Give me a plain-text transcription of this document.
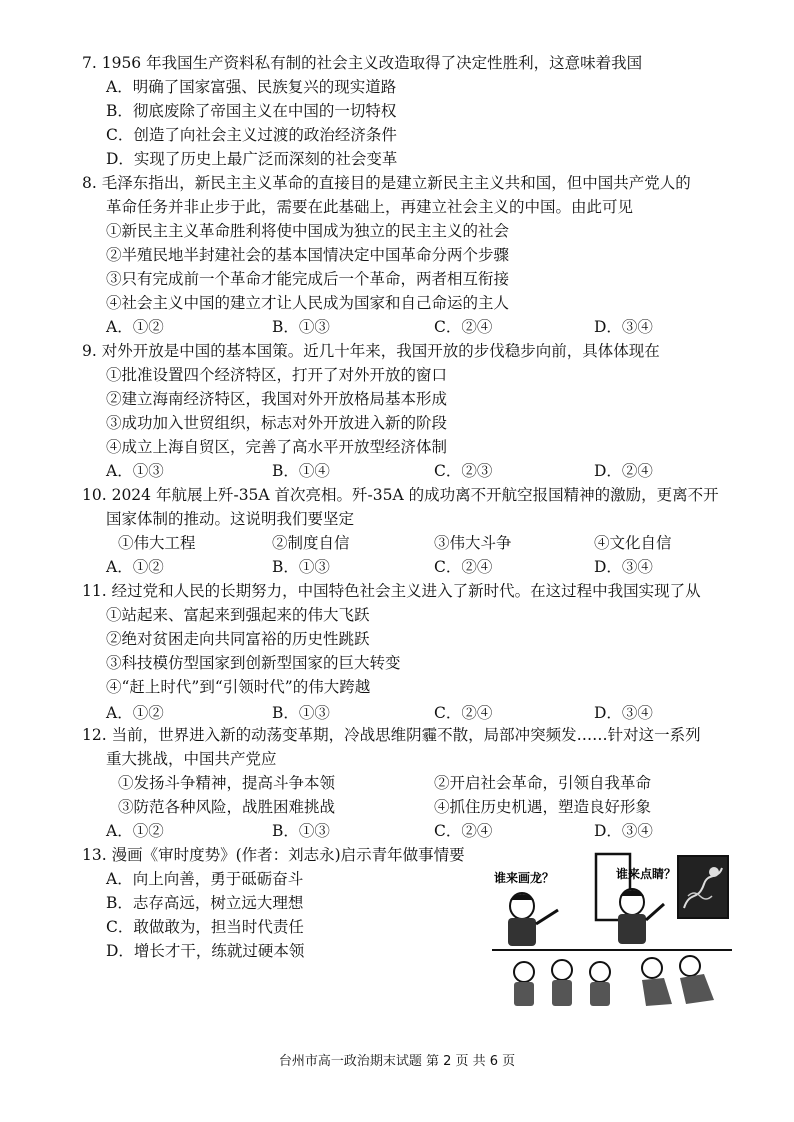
7. 1956 年我国生产资料私有制的社会主义改造取得了决定性胜利，这意味着我国
A．明确了国家富强、民族复兴的现实道路
B．彻底废除了帝国主义在中国的一切特权
C．创造了向社会主义过渡的政治经济条件
D．实现了历史上最广泛而深刻的社会变革
8. 毛泽东指出，新民主主义革命的直接目的是建立新民主主义共和国，但中国共产党人的
革命任务并非止步于此，需要在此基础上，再建立社会主义的中国。由此可见
①新民主主义革命胜利将使中国成为独立的民主主义的社会
②半殖民地半封建社会的基本国情决定中国革命分两个步骤
③只有完成前一个革命才能完成后一个革命，两者相互衔接
④社会主义中国的建立才让人民成为国家和自己命运的主人
A．①②	B．①③	C．②④	D．③④
9. 对外开放是中国的基本国策。近几十年来，我国开放的步伐稳步向前，具体体现在
①批准设置四个经济特区，打开了对外开放的窗口
②建立海南经济特区，我国对外开放格局基本形成
③成功加入世贸组织，标志对外开放进入新的阶段
④成立上海自贸区，完善了高水平开放型经济体制
A．①③	B．①④	C．②③	D．②④
10. 2024 年航展上歼-35A 首次亮相。歼-35A 的成功离不开航空报国精神的激励，更离不开
国家体制的推动。这说明我们要坚定
①伟大工程	②制度自信	③伟大斗争	④文化自信
A．①②	B．①③	C．②④	D．③④
11. 经过党和人民的长期努力，中国特色社会主义进入了新时代。在这过程中我国实现了从
①站起来、富起来到强起来的伟大飞跃
②绝对贫困走向共同富裕的历史性跳跃
③科技模仿型国家到创新型国家的巨大转变
④“赶上时代”到“引领时代”的伟大跨越
A．①②	B．①③	C．②④	D．③④
12. 当前，世界进入新的动荡变革期，冷战思维阴霾不散，局部冲突频发……针对这一系列
重大挑战，中国共产党应
①发扬斗争精神，提高斗争本领	②开启社会革命，引领自我革命
③防范各种风险，战胜困难挑战	④抓住历史机遇，塑造良好形象
A．①②	B．①③	C．②④	D．③④
13. 漫画《审时度势》(作者：刘志永)启示青年做事情要
A．向上向善，勇于砥砺奋斗
B．志存高远，树立远大理想
C．敢做敢为，担当时代责任
D．增长才干，练就过硬本领
谁来画龙？	谁来点睛？
台州市高一政治期末试题 第 2 页 共 6 页
